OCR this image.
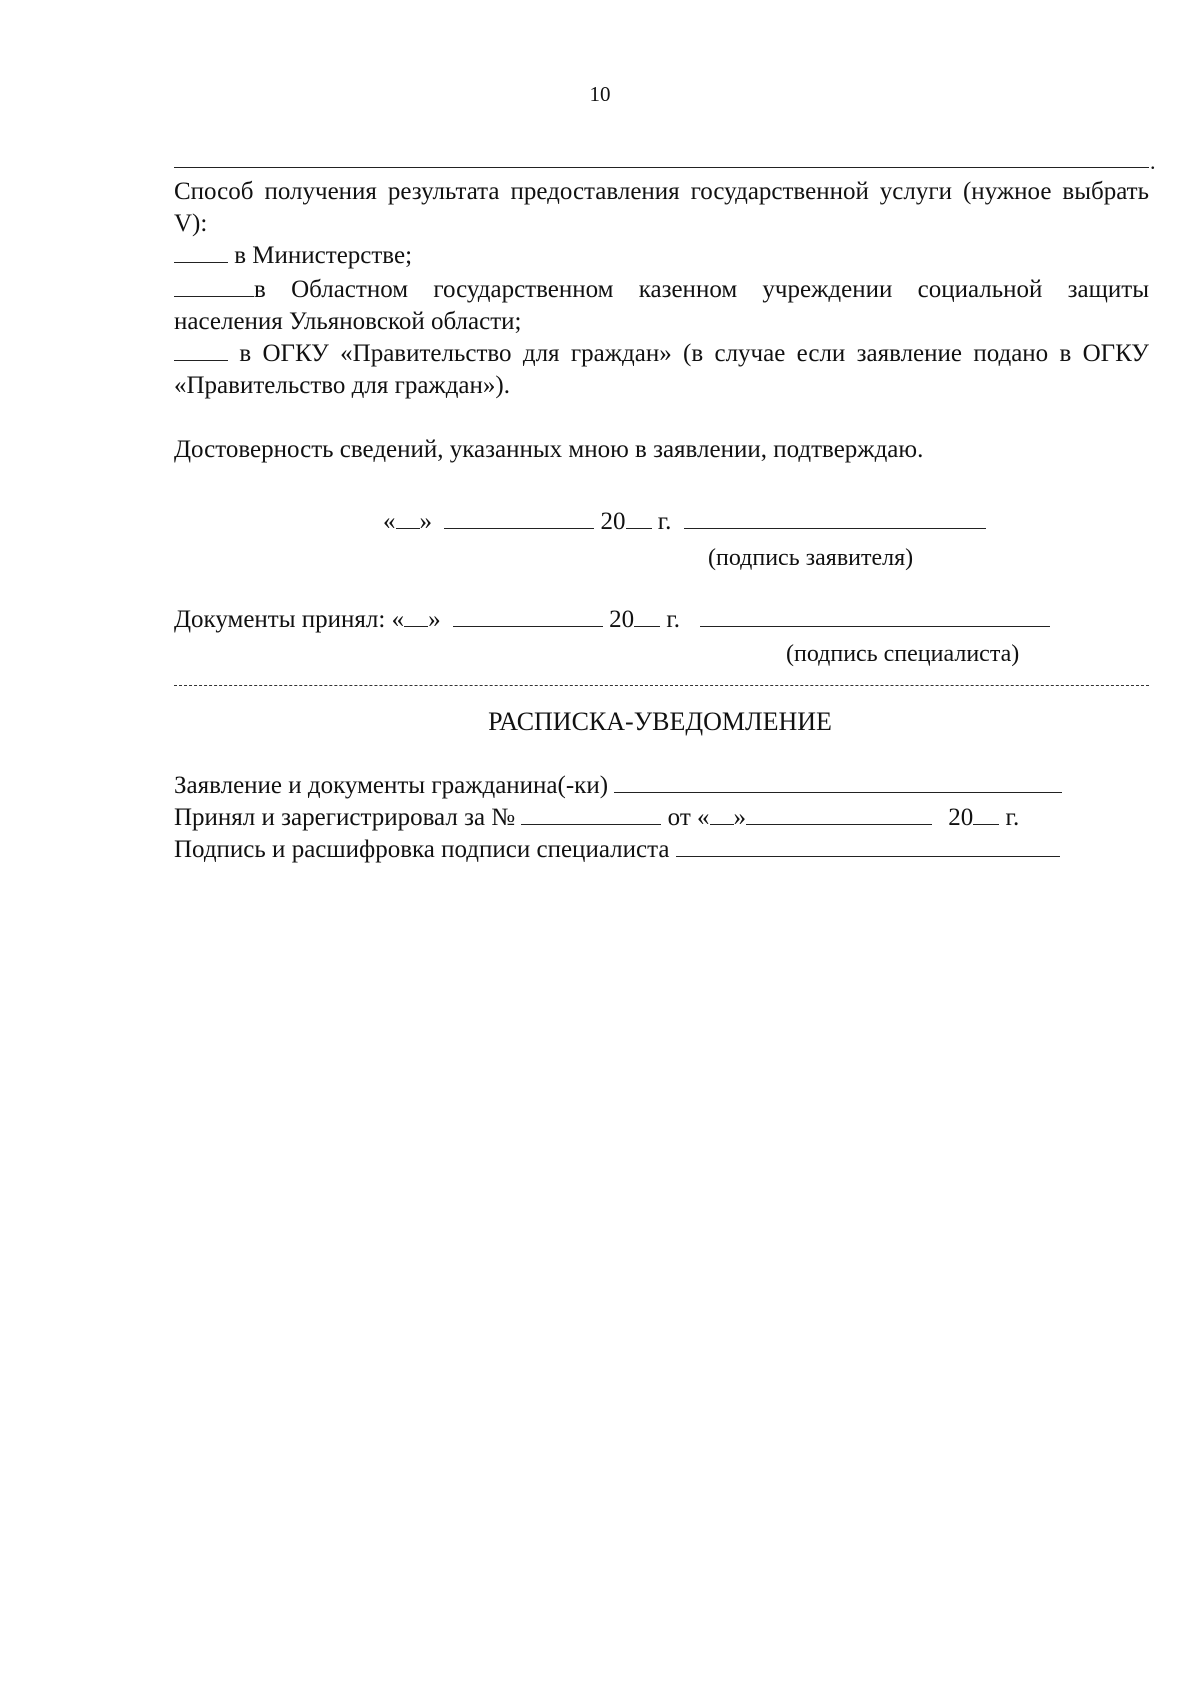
10
.
Способ получения результата предоставления государственной услуги (нужное выбрать V):
в Министерстве;
в Областном государственном казенном учреждении социальной защиты населения Ульяновской области;
в ОГКУ «Правительство для граждан» (в случае если заявление подано в ОГКУ «Правительство для граждан»).
Достоверность сведений, указанных мною в заявлении, подтверждаю.
« »	20 г.
(подпись заявителя)
Документы принял: « »	20 г.
(подпись специалиста)
РАСПИСКА-УВЕДОМЛЕНИЕ
Заявление и документы гражданина(-ки)
Принял и зарегистрировал за №	от « »	20 г.
Подпись и расшифровка подписи специалиста
